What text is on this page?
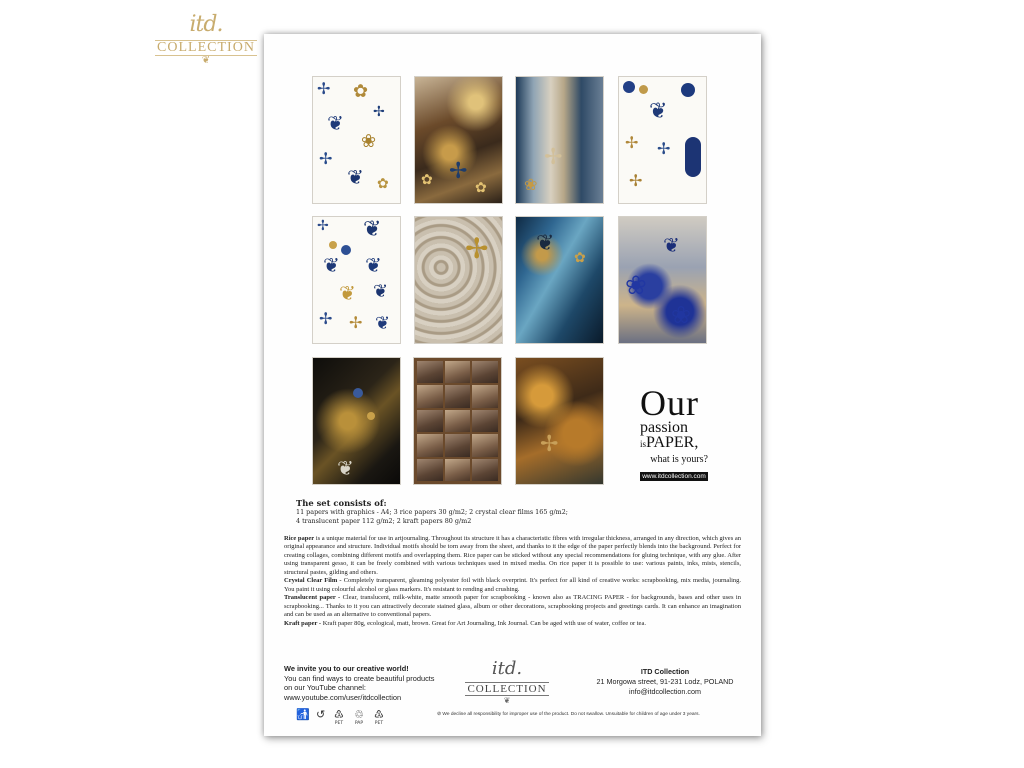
itd.
COLLECTION
❦
✢ ✿
✢
❦
❀
✢
❦ ✿	✢
✿	✿
✢
❀
❦
✢ ✢
✢
✢ ❦
❦ ❦
❦ ❦
✢ ✢ ❦
✢ ❦
✿
❦
❀
❀
❦
✢
Our
passion
isPAPER,
what is yours?
www.itdcollection.com
The set consists of:

11 papers with graphics - A4; 3 rice papers 30 g/m2; 2 crystal clear films 165 g/m2;

4 translucent paper 112 g/m2; 2 kraft papers 80 g/m2

Rice paper is a unique material for use in artjournaling. Throughout its structure it has a characteristic fibres with irregular thickness, arranged in any direction, which gives an original appearance and structure. Individual motifs should be torn away from the sheet, and thanks to it the edge of the paper perfectly blends into the background. Perfect for creating collages, combining different motifs and overlapping them. Rice paper can be sticked without any special recommendations for gluing technique, with any glue. After using transparent gesso, it can be freely combined with various techniques used in mixed media. On rice paper it is possible to use: various paints, inks, mists, stencils, structural pastes, gilding and others.

Crystal Clear Film - Completely transparent, gleaming polyester foil with black overprint. It's perfect for all kind of creative works: scrapbooking, mix media, journaling. You paint it using colourful alcohol or glass markers. It's resistant to rending and crushing.

Translucent paper - Clear, translucent, milk-white, matte smooth paper for scrapbooking - known also as TRACING PAPER - for backgrounds, bases and other uses in scrapbooking... Thanks to it you can attractively decorate stained glass, album or other decorations, scrapbooking projects and greetings cards. It can enhance an imagination and can be used as an alternative to conventional papers.

Kraft paper - Kraft paper 80g, ecological, matt, brown. Great for Art Journaling, Ink Journal. Can be aged with use of water, coffee or tea.

We invite you to our creative world!
You can find ways to create beautiful products
on our YouTube channel:
www.youtube.com/user/itdcollection
itd.
COLLECTION
❦
ITD Collection
21 Morgowa street, 91-231 Lodz, POLAND
info@itdcollection.com
🚮 ↺ ♳
PET
♲
PAP
♳
PET
⊘ We decline all responsibility for improper use of the product. Do not swallow. Unsuitable for children of age under 3 years.
